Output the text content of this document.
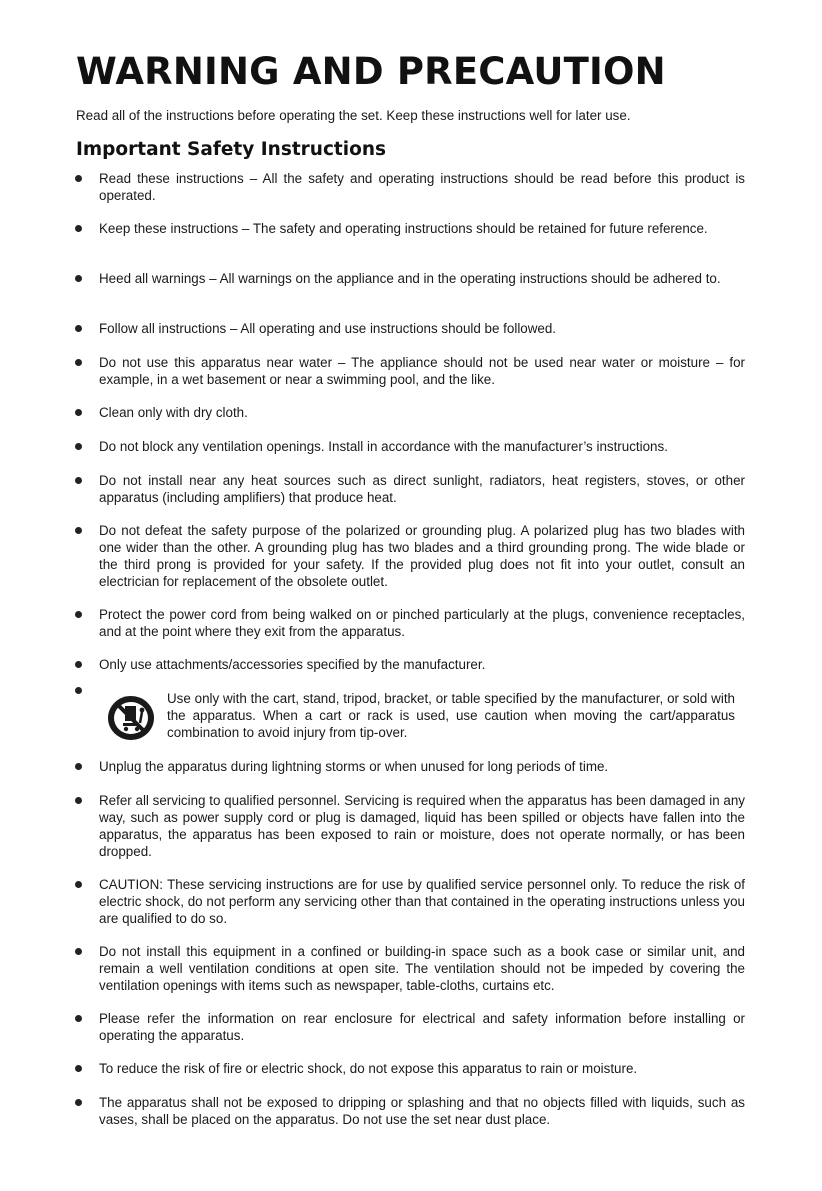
WARNING AND PRECAUTION

Read all of the instructions before operating the set. Keep these instructions well for later use.

Important Safety Instructions
Read these instructions – All the safety and operating instructions should be read before this product is operated.
Keep these instructions – The safety and operating instructions should be retained for future reference.
Heed all warnings – All warnings on the appliance and in the operating instructions should be adhered to.
Follow all instructions – All operating and use instructions should be followed.
Do not use this apparatus near water – The appliance should not be used near water or moisture – for example, in a wet basement or near a swimming pool, and the like.
Clean only with dry cloth.
Do not block any ventilation openings. Install in accordance with the manufacturer’s instructions.
Do not install near any heat sources such as direct sunlight, radiators, heat registers, stoves, or other apparatus (including amplifiers) that produce heat.
Do not defeat the safety purpose of the polarized or grounding plug. A polarized plug has two blades with one wider than the other. A grounding plug has two blades and a third grounding prong. The wide blade or the third prong is provided for your safety. If the provided plug does not fit into your outlet, consult an electrician for replacement of the obsolete outlet.
Protect the power cord from being walked on or pinched particularly at the plugs, convenience receptacles, and at the point where they exit from the apparatus.
Only use attachments/accessories specified by the manufacturer.
Use only with the cart, stand, tripod, bracket, or table specified by the manufacturer, or sold with the apparatus. When a cart or rack is used, use caution when moving the cart/apparatus combination to avoid injury from tip-over.
Unplug the apparatus during lightning storms or when unused for long periods of time.
Refer all servicing to qualified personnel. Servicing is required when the apparatus has been damaged in any way, such as power supply cord or plug is damaged, liquid has been spilled or objects have fallen into the apparatus, the apparatus has been exposed to rain or moisture, does not operate normally, or has been dropped.
CAUTION: These servicing instructions are for use by qualified service personnel only. To reduce the risk of electric shock, do not perform any servicing other than that contained in the operating instructions unless you are qualified to do so.
Do not install this equipment in a confined or building-in space such as a book case or similar unit, and remain a well ventilation conditions at open site. The ventilation should not be impeded by covering the ventilation openings with items such as newspaper, table-cloths, curtains etc.
Please refer the information on rear enclosure for electrical and safety information before installing or operating the apparatus.
To reduce the risk of fire or electric shock, do not expose this apparatus to rain or moisture.
The apparatus shall not be exposed to dripping or splashing and that no objects filled with liquids, such as vases, shall be placed on the apparatus. Do not use the set near dust place.
